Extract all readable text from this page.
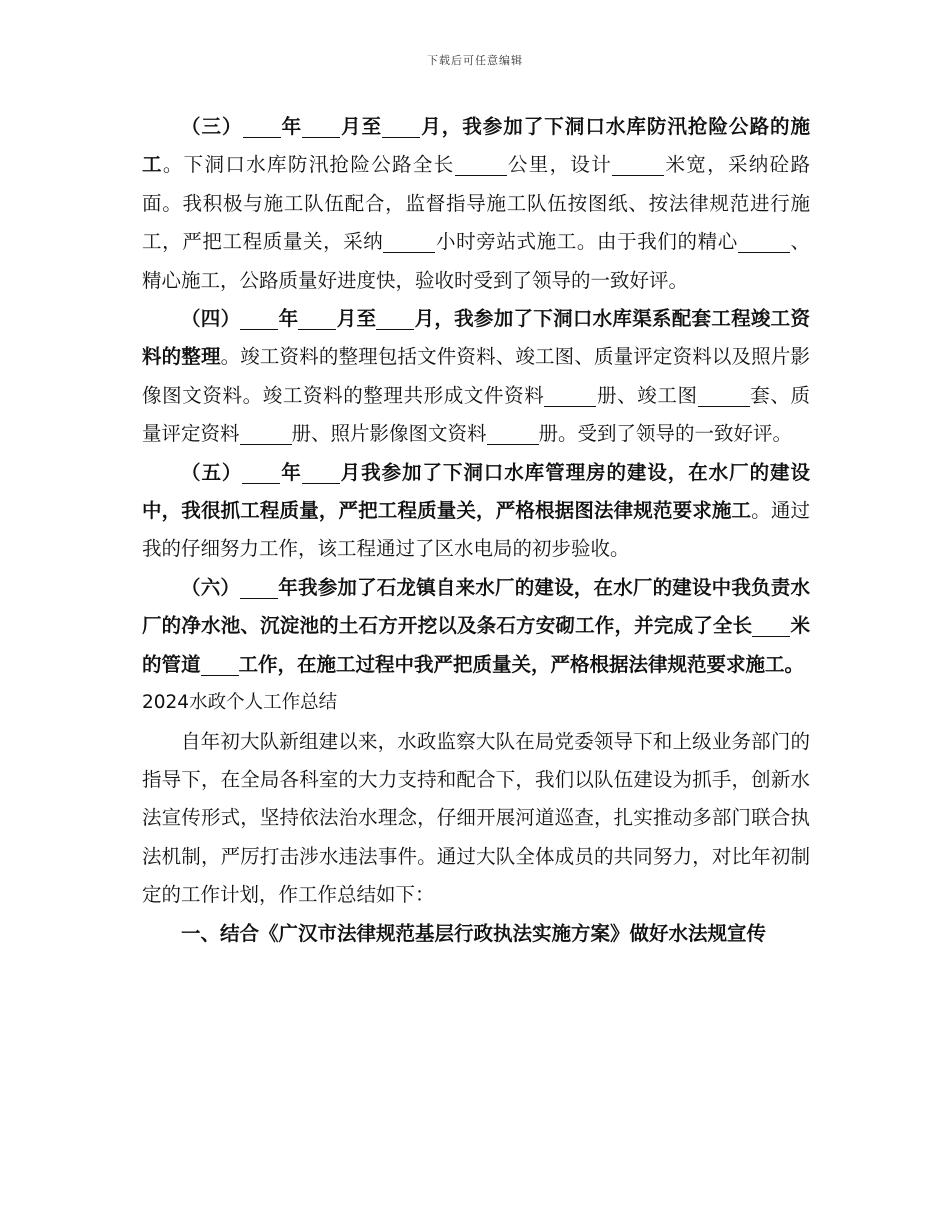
下载后可任意编辑

（三） 年 月至 月，我参加了下洞口水库防汛抢险公路的施工。下洞口水库防汛抢险公路全长	公里，设计	米宽，采纳砼路面。我积极与施工队伍配合，监督指导施工队伍按图纸、按法律规范进行施工，严把工程质量关，采纳	小时旁站式施工。由于我们的精心	、精心施工，公路质量好进度快，验收时受到了领导的一致好评。

（四） 年 月至 月，我参加了下洞口水库渠系配套工程竣工资料的整理。竣工资料的整理包括文件资料、竣工图、质量评定资料以及照片影像图文资料。竣工资料的整理共形成文件资料	册、竣工图	套、质量评定资料	册、照片影像图文资料	册。受到了领导的一致好评。

（五） 年 月我参加了下洞口水库管理房的建设，在水厂的建设中，我很抓工程质量，严把工程质量关，严格根据图法律规范要求施工。通过我的仔细努力工作，该工程通过了区水电局的初步验收。

（六） 年我参加了石龙镇自来水厂的建设，在水厂的建设中我负责水厂的净水池、沉淀池的土石方开挖以及条石方安砌工作，并完成了全长 米的管道 工作，在施工过程中我严把质量关，严格根据法律规范要求施工。

2024水政个人工作总结

自年初大队新组建以来，水政监察大队在局党委领导下和上级业务部门的指导下，在全局各科室的大力支持和配合下，我们以队伍建设为抓手，创新水法宣传形式，坚持依法治水理念，仔细开展河道巡查，扎实推动多部门联合执法机制，严厉打击涉水违法事件。通过大队全体成员的共同努力，对比年初制定的工作计划，作工作总结如下：

一、结合《广汉市法律规范基层行政执法实施方案》做好水法规宣传
